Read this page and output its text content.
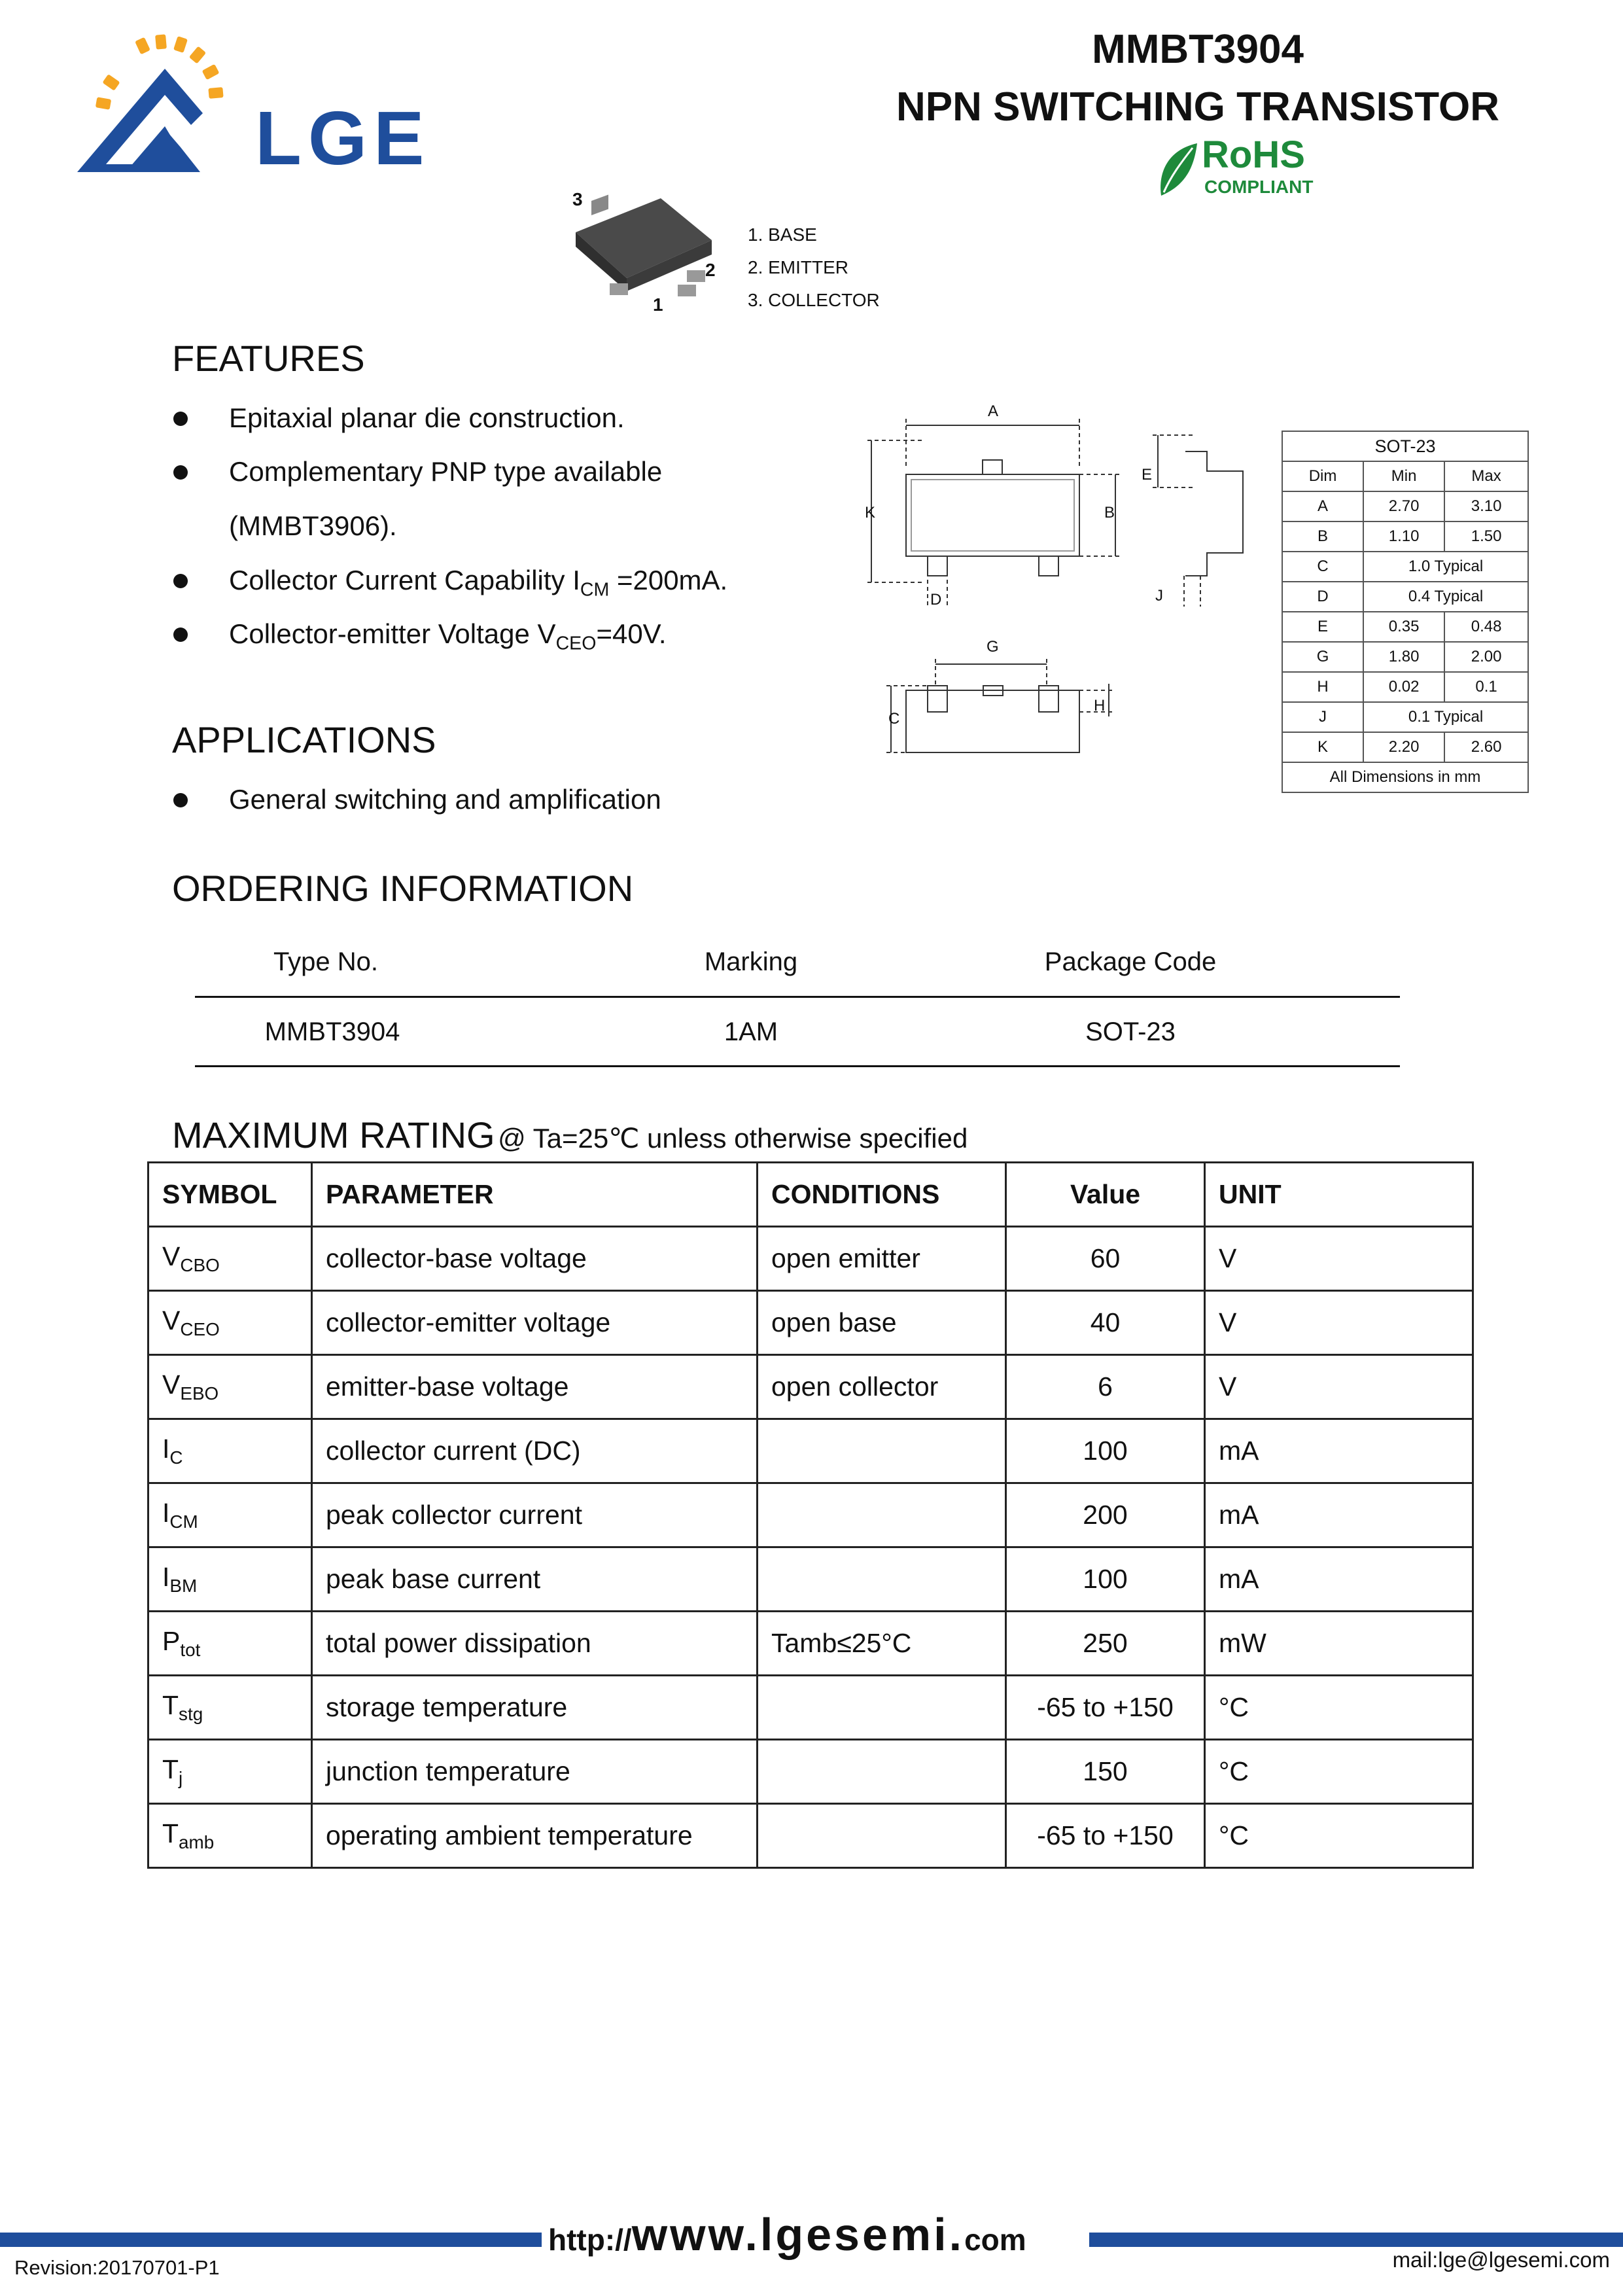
LGE
MMBT3904
NPN SWITCHING TRANSISTOR
RoHS
COMPLIANT
3
2
1
1. BASE
2. EMITTER
3. COLLECTOR
FEATURES
Epitaxial planar die construction.
Complementary PNP type available
(MMBT3906).
Collector Current Capability $I_{CM} =200mA$.
Collector-emitter Voltage $V_{CEO}=40V$.
A
K	B
E
D	J
G
C
H
SOT-23		
Dim	Min	Max
A	2.70	3.10
B	1.10	1.50
C	1.0 Typical	
D	0.4 Typical	
E	0.35	0.48
G	1.80	2.00
H	0.02	0.1
J	0.1 Typical	
K	2.20	2.60
All Dimensions in mm		
APPLICATIONS
General switching and amplification
ORDERING INFORMATION
Type No.	Marking	Package Code
MMBT3904	1AM	SOT-23
MAXIMUM RATING @ Ta=25℃ unless otherwise specified
SYMBOL	PARAMETER	CONDITIONS	Value	UNIT
$V_{CBO}$	collector-base voltage	open emitter	60	V
$V_{CEO}$	collector-emitter voltage	open base	40	V
$V_{EBO}$	emitter-base voltage	open collector	6	V
$I_C$	collector current (DC)		100	mA
$I_{CM}$	peak collector current		200	mA
$I_{BM}$	peak base current		100	mA
$P_{tot}$	total power dissipation	Tamb≤25°C	250	mW
$T_{stg}$	storage temperature		-65 to +150	°C
$T_j$	junction temperature		150	°C
$T_{amb}$	operating ambient temperature		-65 to +150	°C
http://www.lgesemi.com
Revision:20170701-P1	mail:lge@lgesemi.com
